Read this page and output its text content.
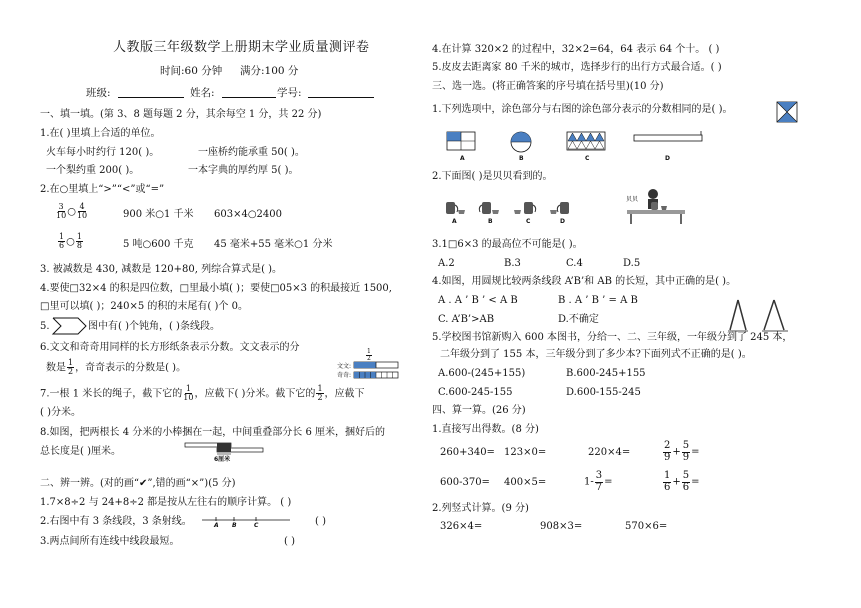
人教版三年级数学上册期末学业质量测评卷
时间:60 分钟 满分:100 分
班级:	姓名:	学号:
一、填一填。(第 3、8 题每题 2 分，其余每空 1 分，共 22 分)
1.在( )里填上合适的单位。
火车每小时约行 120( )。	一座桥约能承重 50( )。
一个梨约重 200( )。	一本字典的厚约厚 5( )。
2.在○里填上“>”“<”或“=”
$\frac{3}{10}$ ○ $\frac{4}{10}$	900 米○1 千米 603×4○2400
$\frac{1}{6}$ ○ $\frac{1}{8}$	5 吨○600 千克 45 毫米+55 毫米○1 分米
3. 被减数是 430, 减数是 120+80, 列综合算式是( )。
4.要使□32×4 的积是四位数，□里最小填( )；要使□05×3 的积最接近 1500,
□里可以填( )；240×5 的积的末尾有( )个 0。
5.	图中有( )个钝角，( )条线段。
6.文文和奇奇用同样的长方形纸条表示分数。文文表示的分
数是 $\frac{1}{2}$ ，奇奇表示的分数是( )。
$\frac{1}{2}$
文文:
奇奇:
7.一根 1 米长的绳子，截下它的 $\frac{1}{10}$ ，应截下( )分米。截下它的 $\frac{1}{2}$ ，应截下
( )分米。
8.如图，把两根长 4 分米的小棒捆在一起，中间重叠部分长 6 厘米，捆好后的
总长度是( )厘米。
6厘米
二、辨一辨。(对的画“✔”,错的画“×”)(5 分)
1.7×8÷2 与 24+8÷2 都是按从左往右的顺序计算。 ( )
2.右图中有 3 条线段，3 条射线。	A B	C	( )
3.两点间所有连线中线段最短。	( )
4.在计算 320×2 的过程中，32×2=64，64 表示 64 个十。 ( )
5.皮皮去距离家 80 千米的城市，选择步行的出行方式最合适。( )
三、选一选。(将正确答案的序号填在括号里)(10 分)
1.下列选项中，涂色部分与右图的涂色部分表示的分数相同的是( )。
A	B	C	D
2.下面图( )是贝贝看到的。
A	B	C	D
贝贝
3.1□6×3 的最高位不可能是( )。
A.2	B.3	C.4	D.5
4.如图，用圆规比较两条线段 A’B’和 AB 的长短，其中正确的是( )。
A . A ’ B ’ < A B	B . A ’ B ’ = A B
C. A’B’>AB	D.不确定
5.学校图书馆新购入 600 本图书，分给一、二、三年级，一年级分到了 245 本，
二年级分到了 155 本，三年级分到了多少本?下面列式不正确的是( )。
A.600-(245+155)	B.600-245+155
C.600-245-155	D.600-155-245
四、算一算。(26 分)
1.直接写出得数。(8 分)
260+340= 123×0=	220×4=	$\frac{2}{9} + \frac{5}{9}$ =
600-370= 400×5=	$1- \frac{3}{7}$ =	$\frac{1}{6} + \frac{5}{6}$ =
2.列竖式计算。(9 分)
326×4=	908×3=	570×6=
